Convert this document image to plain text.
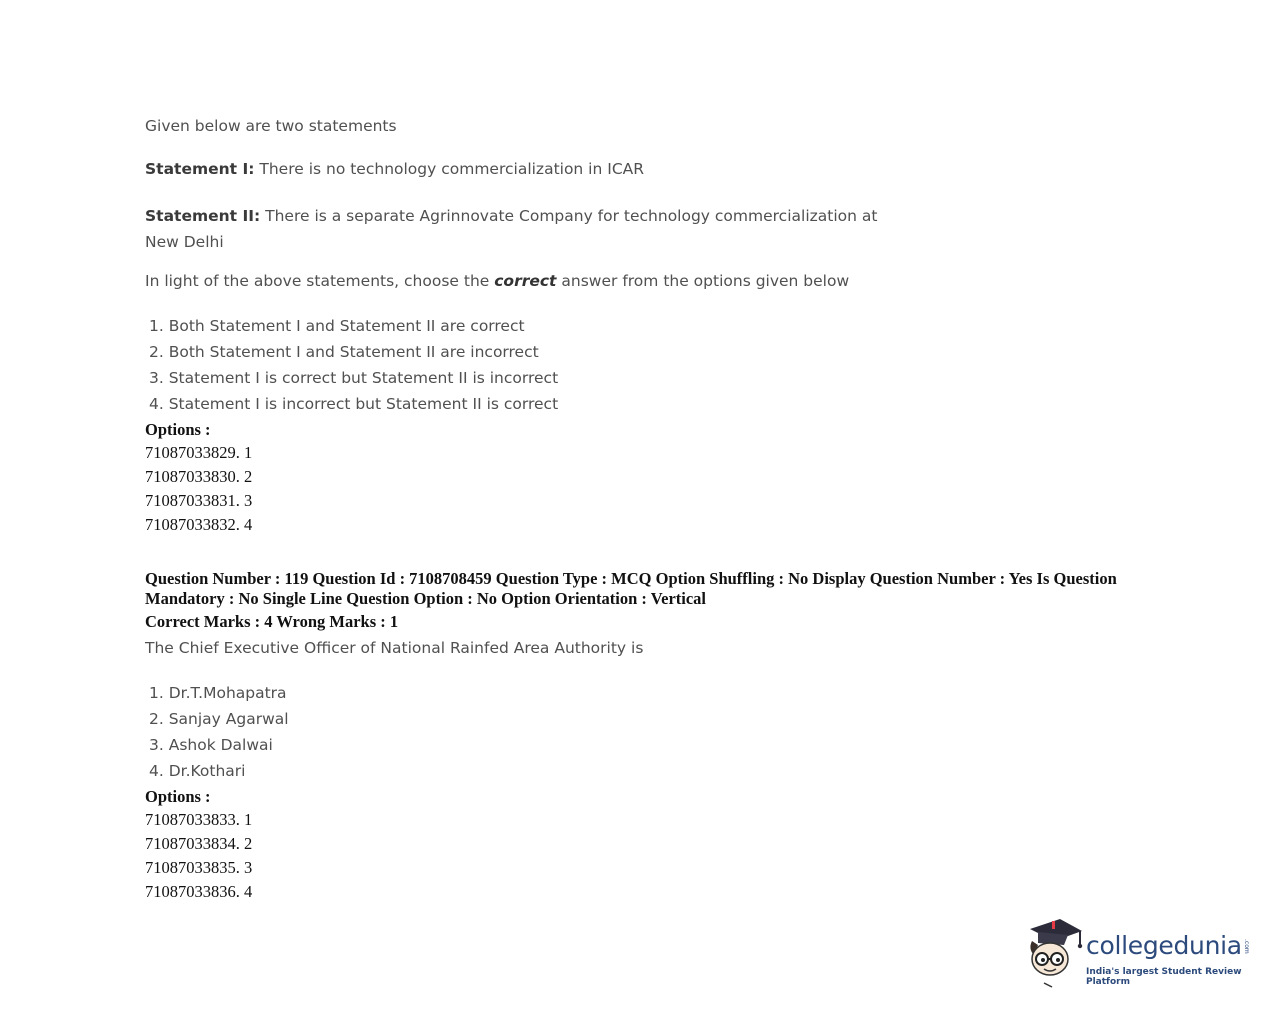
Given below are two statements
Statement I: There is no technology commercialization in ICAR
Statement II: There is a separate Agrinnovate Company for technology commercialization at New Delhi
In light of the above statements, choose the correct answer from the options given below
1. Both Statement I and Statement II are correct
2. Both Statement I and Statement II are incorrect
3. Statement I is correct but Statement II is incorrect
4. Statement I is incorrect but Statement II is correct
Options :
71087033829. 1
71087033830. 2
71087033831. 3
71087033832. 4
Question Number : 119 Question Id : 7108708459 Question Type : MCQ Option Shuffling : No Display Question Number : Yes Is Question Mandatory : No Single Line Question Option : No Option Orientation : Vertical
Correct Marks : 4 Wrong Marks : 1
The Chief Executive Officer of National Rainfed Area Authority is
1. Dr.T.Mohapatra
2. Sanjay Agarwal
3. Ashok Dalwai
4. Dr.Kothari
Options :
71087033833. 1
71087033834. 2
71087033835. 3
71087033836. 4
collegedunia .com
India's largest Student Review Platform
